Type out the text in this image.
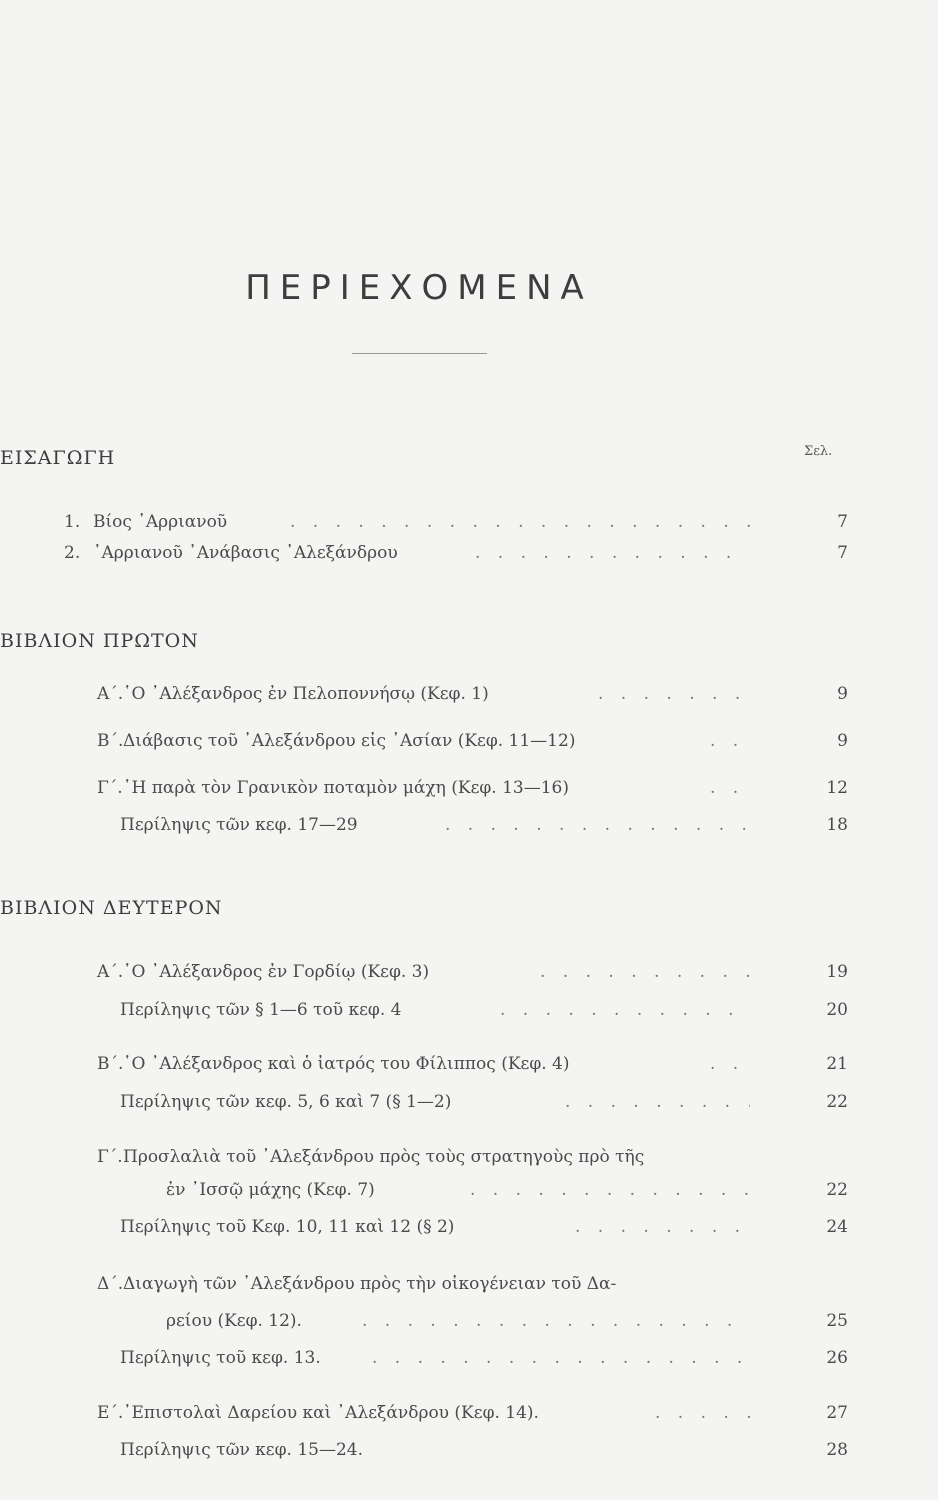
ΠΕΡΙΕΧΟΜΕΝΑ
Σελ.
ΕΙΣΑΓΩΓΗ
1. Βίος ᾽Αρριανοῦ . . .	7
2. ᾽Αρριανοῦ ᾽Ανάβασις ᾽Αλεξάνδρου . . .	7
ΒΙΒΛΙΟΝ ΠΡΩΤΟΝ
Α΄. ῾Ο ᾽Αλέξανδρος ἐν Πελοποννήσῳ (Κεφ. 1) . . .	9
Β΄. Διάβασις τοῦ ᾽Αλεξάνδρου εἰς ᾽Ασίαν (Κεφ. 11—12) . . .	9
Γ΄. ῾Η παρὰ τὸν Γρανικὸν ποταμὸν μάχη (Κεφ. 13—16) . . .	12
Περίληψις τῶν κεφ. 17—29 . . .	18
ΒΙΒΛΙΟΝ ΔΕΥΤΕΡΟΝ
Α΄. ῾Ο ᾽Αλέξανδρος ἐν Γορδίῳ (Κεφ. 3) . . .	19
Περίληψις τῶν § 1—6 τοῦ κεφ. 4 . . .	20
Β΄. ῾Ο ᾽Αλέξανδρος καὶ ὁ ἰατρός του Φίλιππος (Κεφ. 4) . . .	21
Περίληψις τῶν κεφ. 5, 6 καὶ 7 (§ 1—2) . . .	22
Γ΄. Προσλαλιὰ τοῦ ᾽Αλεξάνδρου πρὸς τοὺς στρατηγοὺς πρὸ τῆς
ἐν ᾽Ισσῷ μάχης (Κεφ. 7) . . .	22
Περίληψις τοῦ Κεφ. 10, 11 καὶ 12 (§ 2) . . .	24
Δ΄. Διαγωγὴ τῶν ᾽Αλεξάνδρου πρὸς τὴν οἰκογένειαν τοῦ Δα-
ρείου (Κεφ. 12). . . .	25
Περίληψις τοῦ κεφ. 13. . . .	26
Ε΄. ᾽Επιστολαὶ Δαρείου καὶ ᾽Αλεξάνδρου (Κεφ. 14). . . .	27
Περίληψις τῶν κεφ. 15—24.	28
